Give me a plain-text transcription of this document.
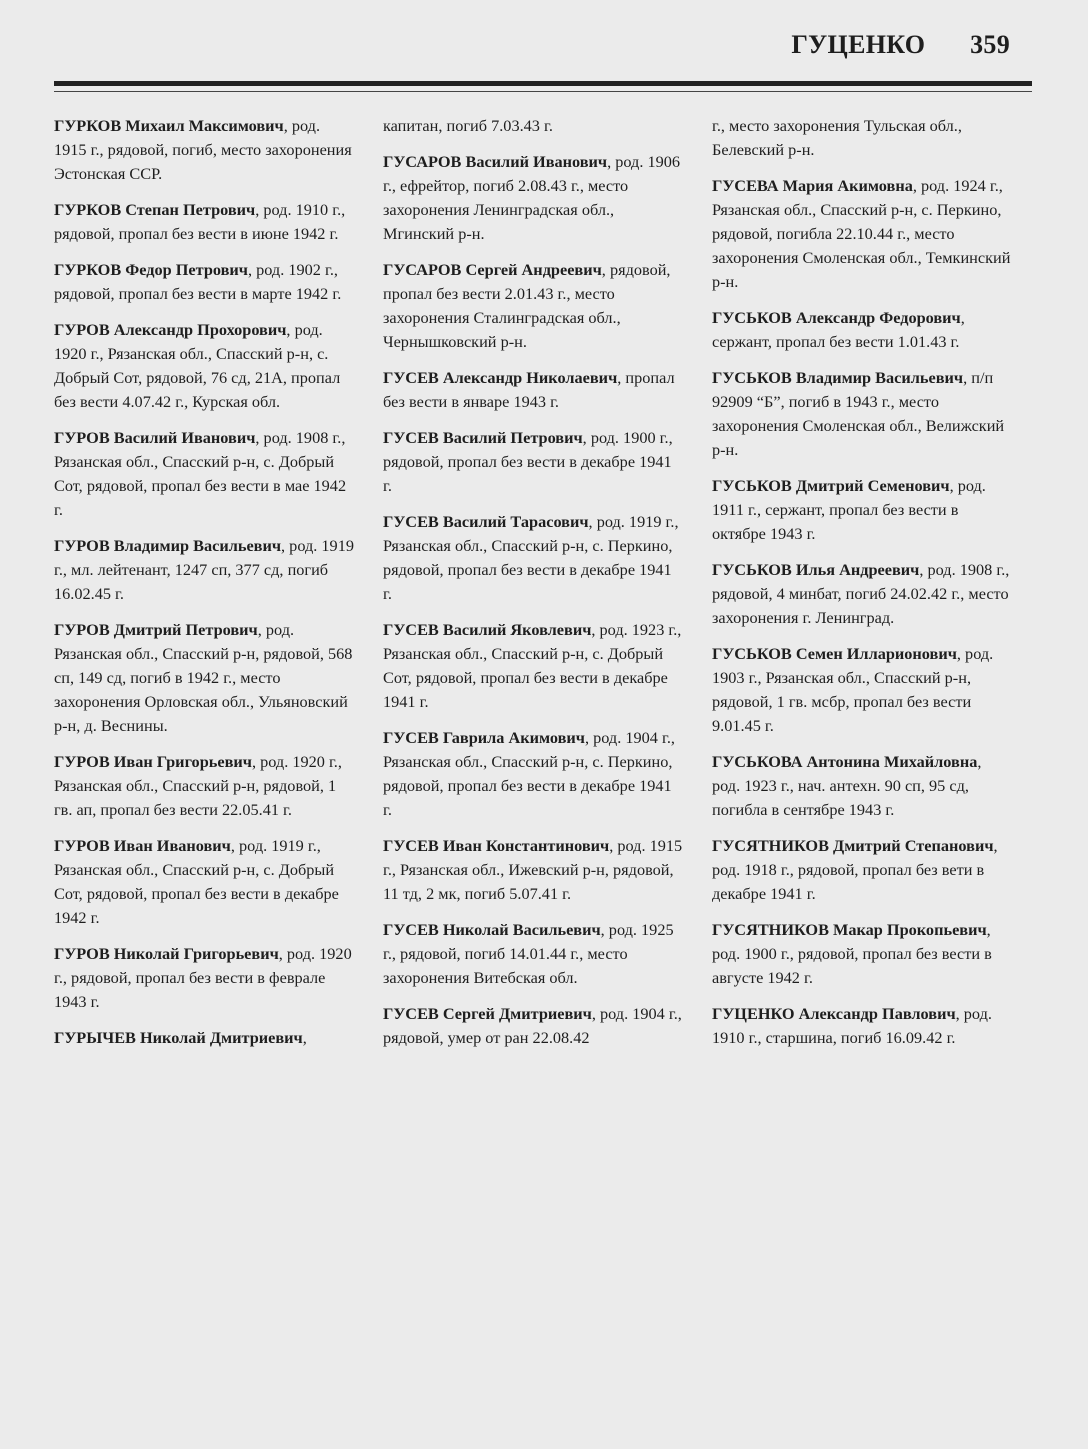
ГУЦЕНКО 359

ГУРКОВ Михаил Максимович, род. 1915 г., рядовой, погиб, место захоронения Эстонская ССР.

ГУРКОВ Степан Петрович, род. 1910 г., рядовой, пропал без вести в июне 1942 г.

ГУРКОВ Федор Петрович, род. 1902 г., рядовой, пропал без вести в марте 1942 г.

ГУРОВ Александр Прохорович, род. 1920 г., Рязанская обл., Спасский р-н, с. Добрый Сот, рядовой, 76 сд, 21А, пропал без вести 4.07.42 г., Курская обл.

ГУРОВ Василий Иванович, род. 1908 г., Рязанская обл., Спасский р-н, с. Добрый Сот, рядовой, пропал без вести в мае 1942 г.

ГУРОВ Владимир Васильевич, род. 1919 г., мл. лейтенант, 1247 сп, 377 сд, погиб 16.02.45 г.

ГУРОВ Дмитрий Петрович, род. Рязанская обл., Спасский р-н, рядовой, 568 сп, 149 сд, погиб в 1942 г., место захоронения Орловская обл., Ульяновский р-н, д. Веснины.

ГУРОВ Иван Григорьевич, род. 1920 г., Рязанская обл., Спасский р-н, рядовой, 1 гв. ап, пропал без вести 22.05.41 г.

ГУРОВ Иван Иванович, род. 1919 г., Рязанская обл., Спасский р-н, с. Добрый Сот, рядовой, пропал без вести в декабре 1942 г.

ГУРОВ Николай Григорьевич, род. 1920 г., рядовой, пропал без вести в феврале 1943 г.

ГУРЫЧЕВ Николай Дмитриевич,

капитан, погиб 7.03.43 г.

ГУСАРОВ Василий Иванович, род. 1906 г., ефрейтор, погиб 2.08.43 г., место захоронения Ленинградская обл., Мгинский р-н.

ГУСАРОВ Сергей Андреевич, рядовой, пропал без вести 2.01.43 г., место захоронения Сталинградская обл., Чернышковский р-н.

ГУСЕВ Александр Николаевич, пропал без вести в январе 1943 г.

ГУСЕВ Василий Петрович, род. 1900 г., рядовой, пропал без вести в декабре 1941 г.

ГУСЕВ Василий Тарасович, род. 1919 г., Рязанская обл., Спасский р-н, с. Перкино, рядовой, пропал без вести в декабре 1941 г.

ГУСЕВ Василий Яковлевич, род. 1923 г., Рязанская обл., Спасский р-н, с. Добрый Сот, рядовой, пропал без вести в декабре 1941 г.

ГУСЕВ Гаврила Акимович, род. 1904 г., Рязанская обл., Спасский р-н, с. Перкино, рядовой, пропал без вести в декабре 1941 г.

ГУСЕВ Иван Константинович, род. 1915 г., Рязанская обл., Ижевский р-н, рядовой, 11 тд, 2 мк, погиб 5.07.41 г.

ГУСЕВ Николай Васильевич, род. 1925 г., рядовой, погиб 14.01.44 г., место захоронения Витебская обл.

ГУСЕВ Сергей Дмитриевич, род. 1904 г., рядовой, умер от ран 22.08.42

г., место захоронения Тульская обл., Белевский р-н.

ГУСЕВА Мария Акимовна, род. 1924 г., Рязанская обл., Спасский р-н, с. Перкино, рядовой, погибла 22.10.44 г., место захоронения Смоленская обл., Темкинский р-н.

ГУСЬКОВ Александр Федорович, сержант, пропал без вести 1.01.43 г.

ГУСЬКОВ Владимир Васильевич, п/п 92909 “Б”, погиб в 1943 г., место захоронения Смоленская обл., Велижский р-н.

ГУСЬКОВ Дмитрий Семенович, род. 1911 г., сержант, пропал без вести в октябре 1943 г.

ГУСЬКОВ Илья Андреевич, род. 1908 г., рядовой, 4 минбат, погиб 24.02.42 г., место захоронения г. Ленинград.

ГУСЬКОВ Семен Илларионович, род. 1903 г., Рязанская обл., Спасский р-н, рядовой, 1 гв. мсбр, пропал без вести 9.01.45 г.

ГУСЬКОВА Антонина Михайловна, род. 1923 г., нач. антехн. 90 сп, 95 сд, погибла в сентябре 1943 г.

ГУСЯТНИКОВ Дмитрий Степанович, род. 1918 г., рядовой, пропал без вети в декабре 1941 г.

ГУСЯТНИКОВ Макар Прокопьевич, род. 1900 г., рядовой, пропал без вести в августе 1942 г.

ГУЦЕНКО Александр Павлович, род. 1910 г., старшина, погиб 16.09.42 г.
